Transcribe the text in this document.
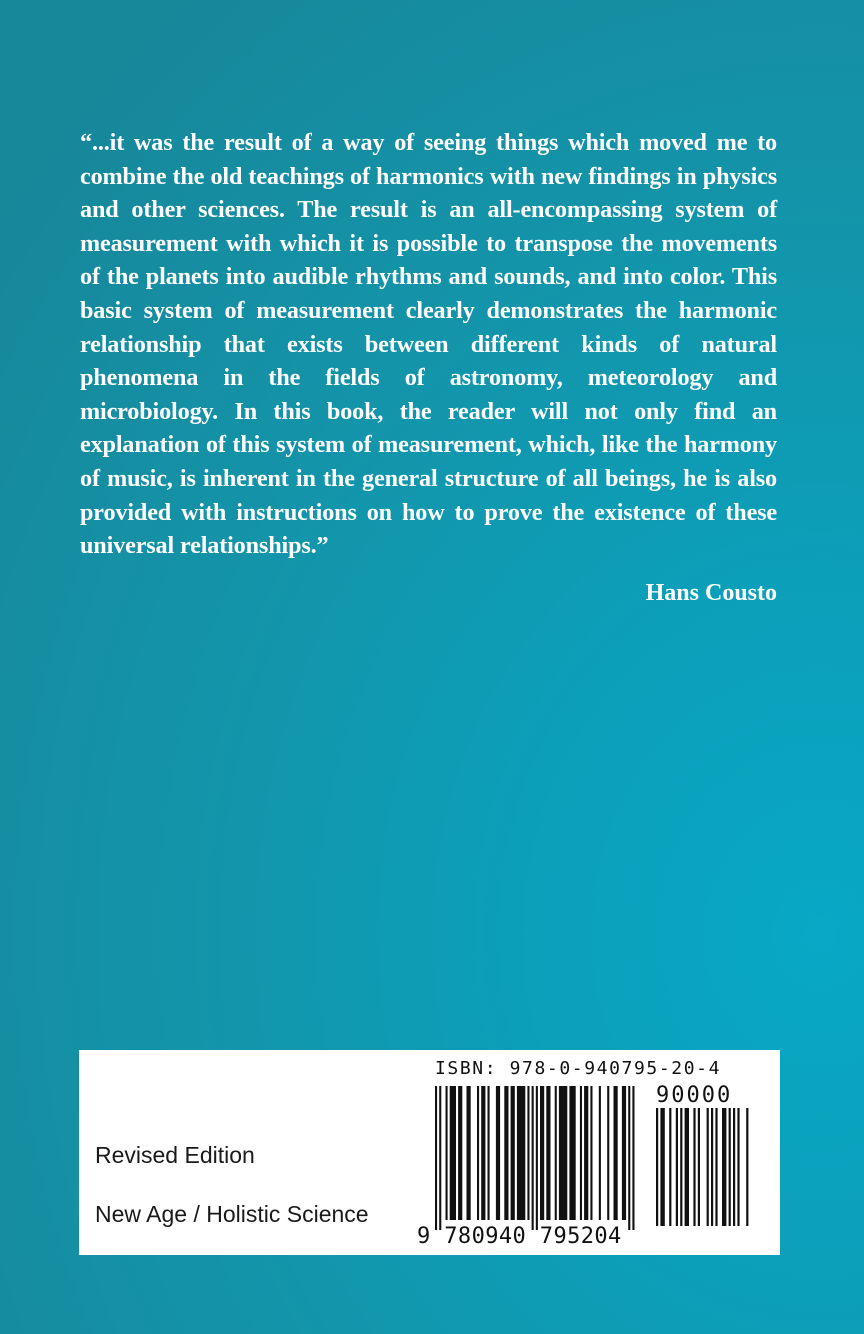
“...it was the result of a way of seeing things which moved me to combine the old teachings of harmonics with new findings in physics and other sciences. The result is an all-encompassing system of measurement with which it is possible to transpose the movements of the planets into audible rhythms and sounds, and into color. This basic system of measurement clearly demonstrates the harmonic relationship that exists between different kinds of natural phenomena in the fields of astronomy, meteorology and microbiology. In this book, the reader will not only find an explanation of this system of measurement, which, like the harmony of music, is inherent in the general structure of all beings, he is also provided with instructions on how to prove the existence of these universal relationships.”

Hans Cousto
Revised Edition
New Age / Holistic Science
ISBN: 978-0-940795-20-4
90000
9 780940 795204
